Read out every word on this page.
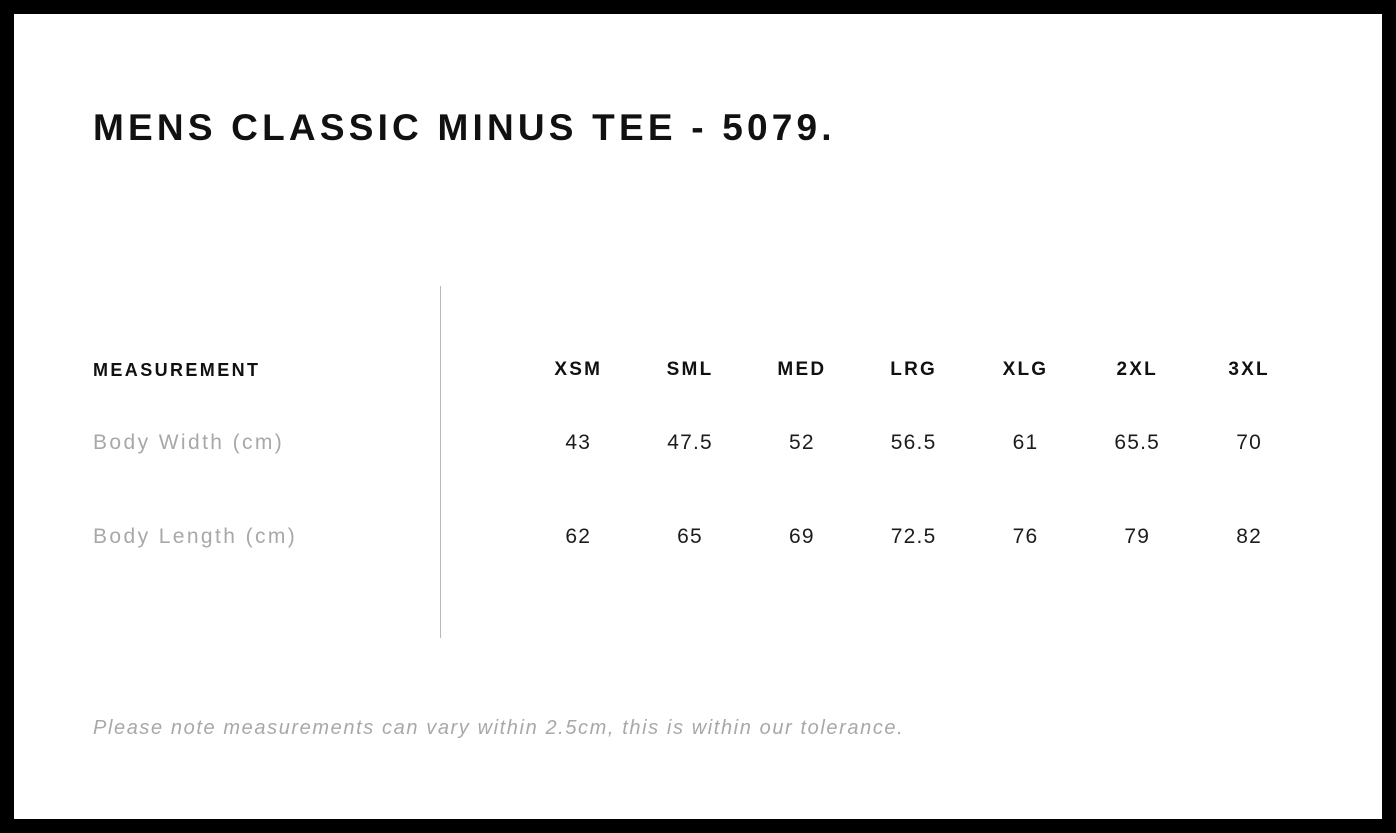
MENS CLASSIC MINUS TEE - 5079.
MEASUREMENT	XSM	SML	MED	LRG	XLG	2XL	3XL
Body Width (cm)	43	47.5	52	56.5	61	65.5	70
Body Length (cm)	62	65	69	72.5	76	79	82
Please note measurements can vary within 2.5cm, this is within our tolerance.
